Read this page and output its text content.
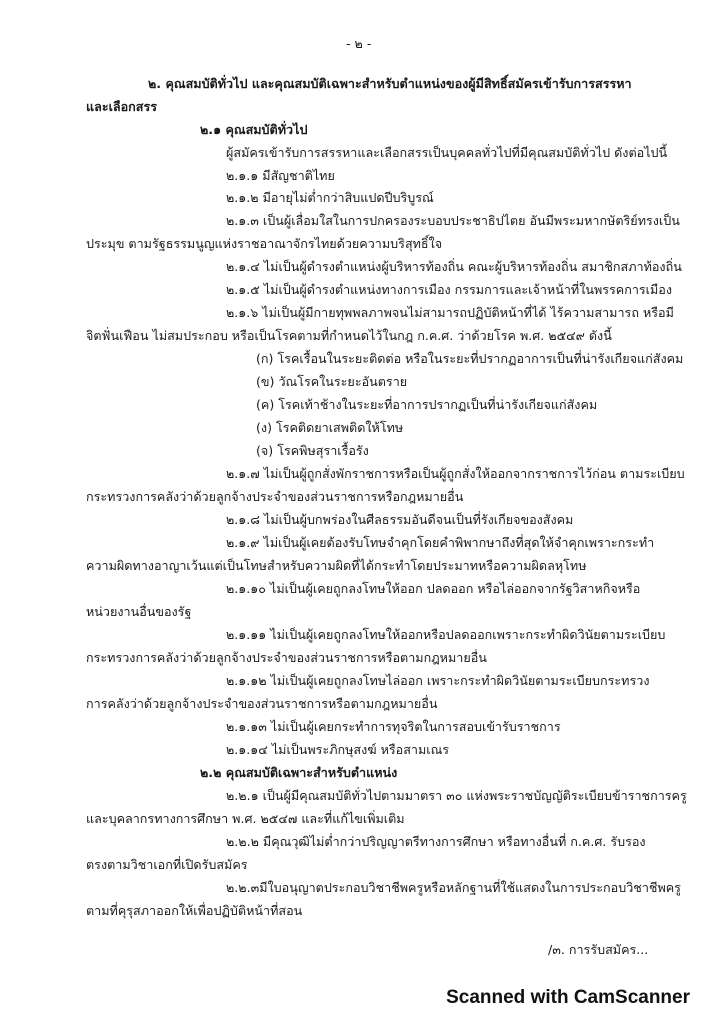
- ๒ -
๒. คุณสมบัติทั่วไป และคุณสมบัติเฉพาะสำหรับตำแหน่งของผู้มีสิทธิ์สมัครเข้ารับการสรรหา
และเลือกสรร
๒.๑ คุณสมบัติทั่วไป
ผู้สมัครเข้ารับการสรรหาและเลือกสรรเป็นบุคคลทั่วไปที่มีคุณสมบัติทั่วไป ดังต่อไปนี้
๒.๑.๑ มีสัญชาติไทย
๒.๑.๒ มีอายุไม่ต่ำกว่าสิบแปดปีบริบูรณ์
๒.๑.๓ เป็นผู้เลื่อมใสในการปกครองระบอบประชาธิปไตย อันมีพระมหากษัตริย์ทรงเป็น
ประมุข ตามรัฐธรรมนูญแห่งราชอาณาจักรไทยด้วยความบริสุทธิ์ใจ
๒.๑.๔ ไม่เป็นผู้ดำรงตำแหน่งผู้บริหารท้องถิ่น คณะผู้บริหารท้องถิ่น สมาชิกสภาท้องถิ่น
๒.๑.๕ ไม่เป็นผู้ดำรงตำแหน่งทางการเมือง กรรมการและเจ้าหน้าที่ในพรรคการเมือง
๒.๑.๖ ไม่เป็นผู้มีกายทุพพลภาพจนไม่สามารถปฏิบัติหน้าที่ได้ ไร้ความสามารถ หรือมี
จิตฟั่นเฟือน ไม่สมประกอบ หรือเป็นโรคตามที่กำหนดไว้ในกฎ ก.ค.ศ. ว่าด้วยโรค พ.ศ. ๒๕๔๙ ดังนี้
(ก) โรคเรื้อนในระยะติดต่อ หรือในระยะที่ปรากฏอาการเป็นที่น่ารังเกียจแก่สังคม
(ข) วัณโรคในระยะอันตราย
(ค) โรคเท้าช้างในระยะที่อาการปรากฏเป็นที่น่ารังเกียจแก่สังคม
(ง) โรคติดยาเสพติดให้โทษ
(จ) โรคพิษสุราเรื้อรัง
๒.๑.๗ ไม่เป็นผู้ถูกสั่งพักราชการหรือเป็นผู้ถูกสั่งให้ออกจากราชการไว้ก่อน ตามระเบียบ
กระทรวงการคลังว่าด้วยลูกจ้างประจำของส่วนราชการหรือกฎหมายอื่น
๒.๑.๘ ไม่เป็นผู้บกพร่องในศีลธรรมอันดีจนเป็นที่รังเกียจของสังคม
๒.๑.๙ ไม่เป็นผู้เคยต้องรับโทษจำคุกโดยคำพิพากษาถึงที่สุดให้จำคุกเพราะกระทำ
ความผิดทางอาญาเว้นแต่เป็นโทษสำหรับความผิดที่ได้กระทำโดยประมาทหรือความผิดลหุโทษ
๒.๑.๑๐ ไม่เป็นผู้เคยถูกลงโทษให้ออก ปลดออก หรือไล่ออกจากรัฐวิสาหกิจหรือ
หน่วยงานอื่นของรัฐ
๒.๑.๑๑ ไม่เป็นผู้เคยถูกลงโทษให้ออกหรือปลดออกเพราะกระทำผิดวินัยตามระเบียบ
กระทรวงการคลังว่าด้วยลูกจ้างประจำของส่วนราชการหรือตามกฎหมายอื่น
๒.๑.๑๒ ไม่เป็นผู้เคยถูกลงโทษไล่ออก เพราะกระทำผิดวินัยตามระเบียบกระทรวง
การคลังว่าด้วยลูกจ้างประจำของส่วนราชการหรือตามกฎหมายอื่น
๒.๑.๑๓ ไม่เป็นผู้เคยกระทำการทุจริตในการสอบเข้ารับราชการ
๒.๑.๑๔ ไม่เป็นพระภิกษุสงฆ์ หรือสามเณร
๒.๒ คุณสมบัติเฉพาะสำหรับตำแหน่ง
๒.๒.๑ เป็นผู้มีคุณสมบัติทั่วไปตามมาตรา ๓๐ แห่งพระราชบัญญัติระเบียบข้าราชการครู
และบุคลากรทางการศึกษา พ.ศ. ๒๕๔๗ และที่แก้ไขเพิ่มเติม
๒.๒.๒ มีคุณวุฒิไม่ต่ำกว่าปริญญาตรีทางการศึกษา หรือทางอื่นที่ ก.ค.ศ. รับรอง
ตรงตามวิชาเอกที่เปิดรับสมัคร
๒.๒.๓มีใบอนุญาตประกอบวิชาชีพครูหรือหลักฐานที่ใช้แสดงในการประกอบวิชาชีพครู
ตามที่คุรุสภาออกให้เพื่อปฏิบัติหน้าที่สอน
/๓. การรับสมัคร...
Scanned with CamScanner
